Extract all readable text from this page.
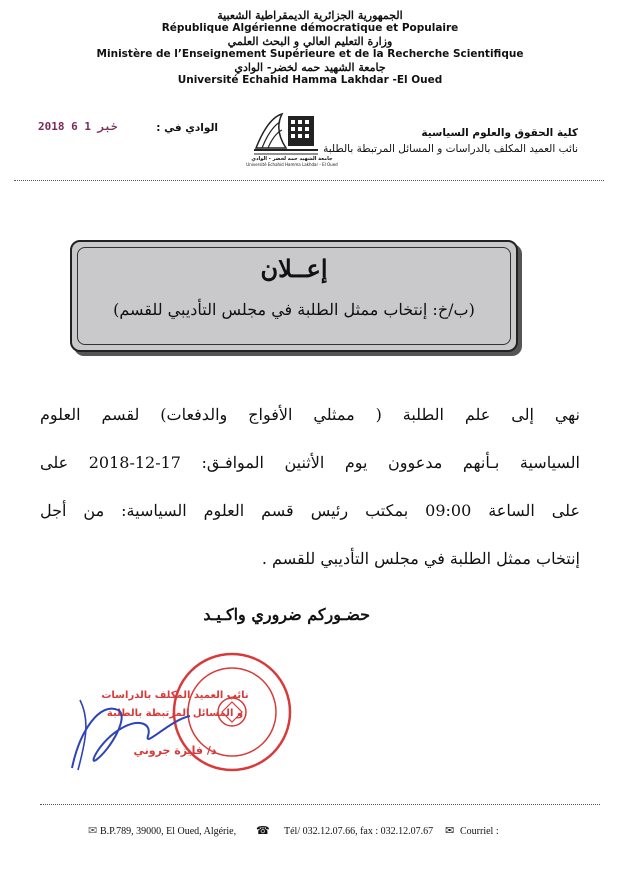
الجمهورية الجزائرية الديمقراطية الشعبية
République Algérienne démocratique et Populaire
وزارة التعليم العالي و البحث العلمي
Ministère de l’Enseignement Supérieure et de la Recherche Scientifique
جامعة الشهيد حمه لخضر- الوادي
Université Echahid Hamma Lakhdar -El Oued
2018 ﺧﺒﺮ 1 6	الوادي في :
جامعة الشهيد حمه لخضر - الوادي
Université Echahid Hamma Lakhdar - El Oued
كلية الحقوق والعلوم السياسية
نائب العميد المكلف بالدراسات و المسائل المرتبطة بالطلبة
إعــلان
(ب/خ: إنتخاب ممثل الطلبة في مجلس التأديبي للقسم)
نهي إلى علم الطلبة ( ممثلي الأفواج والدفعات) لقسم العلوم
السياسية بـأنهم مدعوون يوم الأثنين الموافـق: 17-12-2018 على
على الساعة 09:00 بمكتب رئيس قسم العلوم السياسية: من أجل
إنتخاب ممثل الطلبة في مجلس التأديبي للقسم .
حضـوركم ضروري واكـيـد
نائب العميد المكلف بالدراسات
و المسائل المرتبطة بالطلبة
د/ فايزة جروني
✉ B.P.789, 39000, El Oued, Algérie, ☎ Tél/ 032.12.07.66, fax : 032.12.07.67 ✉ Courriel :
